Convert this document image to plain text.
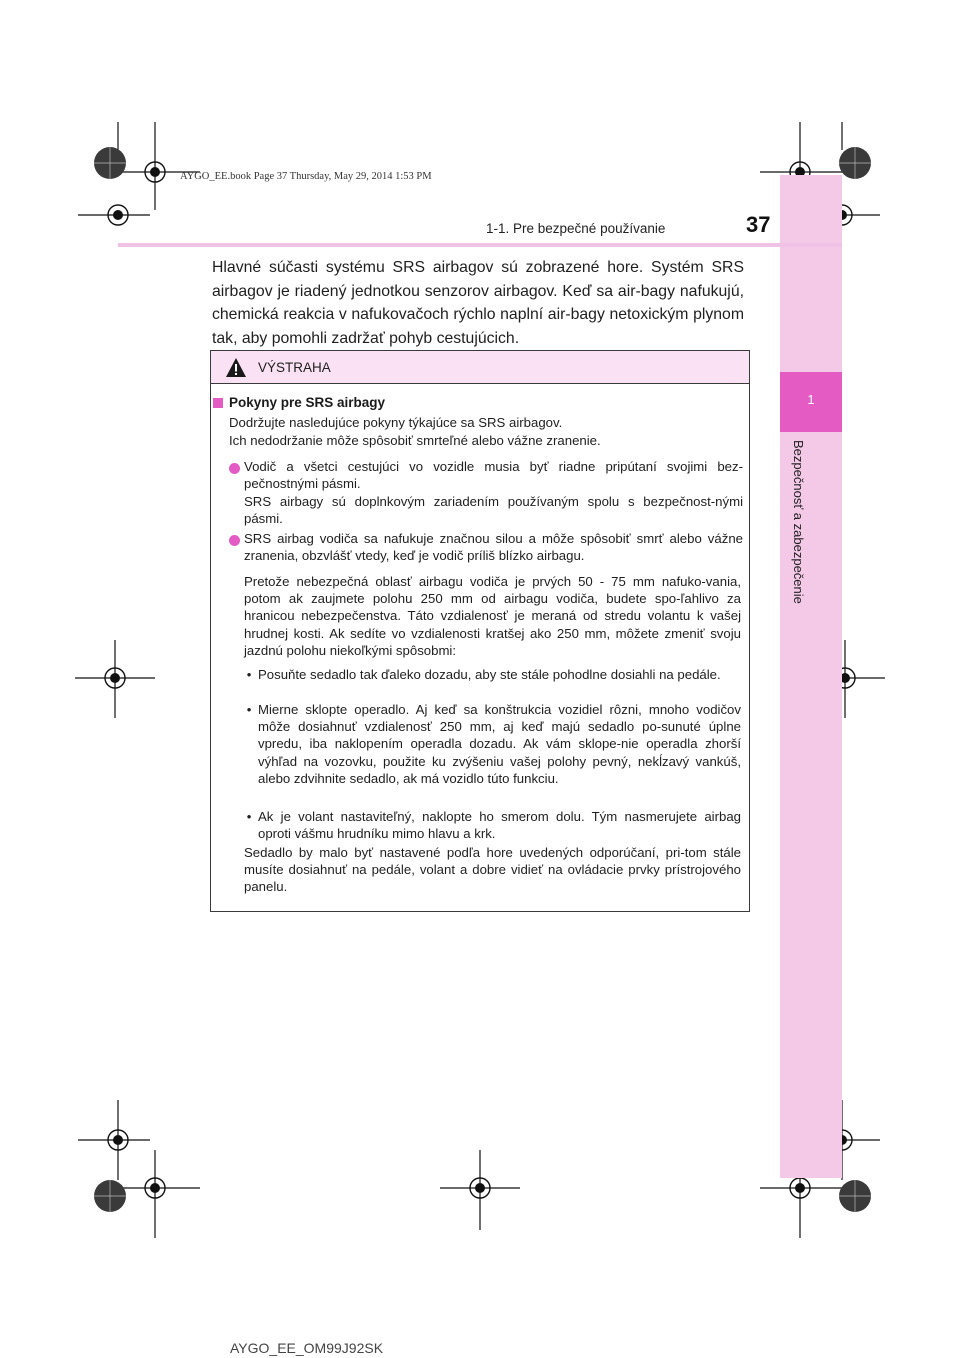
AYGO_EE.book Page 37 Thursday, May 29, 2014 1:53 PM
1
Bezpečnosť a zabezpečenie
1-1. Pre bezpečné používanie	37
Hlavné súčasti systému SRS airbagov sú zobrazené hore. Systém SRS airbagov je riadený jednotkou senzorov airbagov. Keď sa air-bagy nafukujú, chemická reakcia v nafukovačoch rýchlo naplní air-bagy netoxickým plynom tak, aby pomohli zadržať pohyb cestujúcich.
VÝSTRAHA
Pokyny pre SRS airbagy
Dodržujte nasledujúce pokyny týkajúce sa SRS airbagov.
Ich nedodržanie môže spôsobiť smrteľné alebo vážne zranenie.
Vodič a všetci cestujúci vo vozidle musia byť riadne pripútaní svojimi bez-pečnostnými pásmi.
SRS airbagy sú doplnkovým zariadením používaným spolu s bezpečnost-nými pásmi.
SRS airbag vodiča sa nafukuje značnou silou a môže spôsobiť smrť alebo vážne zranenia, obzvlášť vtedy, keď je vodič príliš blízko airbagu.
Pretože nebezpečná oblasť airbagu vodiča je prvých 50 - 75 mm nafuko-vania, potom ak zaujmete polohu 250 mm od airbagu vodiča, budete spo-ľahlivo za hranicou nebezpečenstva. Táto vzdialenosť je meraná od stredu volantu k vašej hrudnej kosti. Ak sedíte vo vzdialenosti kratšej ako 250 mm, môžete zmeniť svoju jazdnú polohu niekoľkými spôsobmi:
• Posuňte sedadlo tak ďaleko dozadu, aby ste stále pohodlne dosiahli na pedále.
• Mierne sklopte operadlo. Aj keď sa konštrukcia vozidiel rôzni, mnoho vodičov môže dosiahnuť vzdialenosť 250 mm, aj keď majú sedadlo po-sunuté úplne vpredu, iba naklopením operadla dozadu. Ak vám sklope-nie operadla zhorší výhľad na vozovku, použite ku zvýšeniu vašej polohy pevný, nekĺzavý vankúš, alebo zdvihnite sedadlo, ak má vozidlo túto funkciu.
• Ak je volant nastaviteľný, naklopte ho smerom dolu. Tým nasmerujete airbag oproti vášmu hrudníku mimo hlavu a krk.
Sedadlo by malo byť nastavené podľa hore uvedených odporúčaní, pri-tom stále musíte dosiahnuť na pedále, volant a dobre vidieť na ovládacie prvky prístrojového panelu.
AYGO_EE_OM99J92SK
